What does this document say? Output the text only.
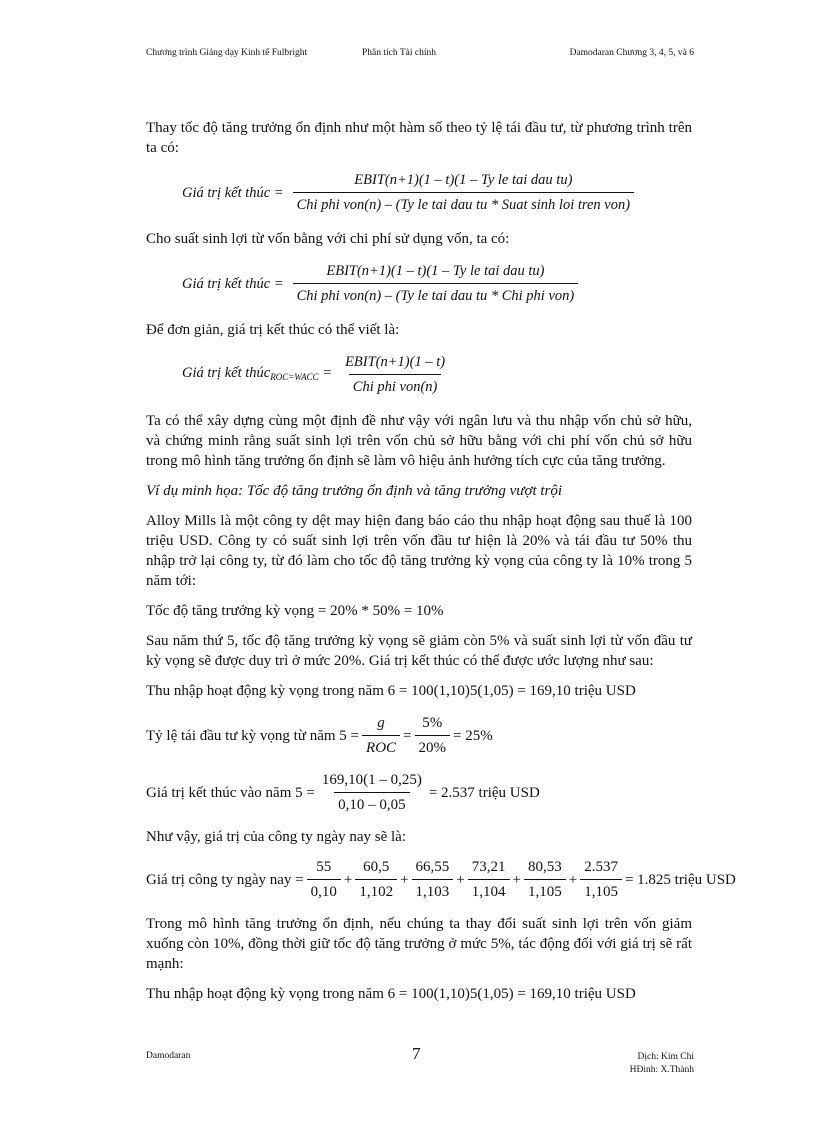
Chương trình Giảng dạy Kinh tế Fulbright	Phân tích Tài chính	Damodaran Chương 3, 4, 5, và 6

Thay tốc độ tăng trưởng ổn định như một hàm số theo tỷ lệ tái đầu tư, từ phương trình trên ta có:

Giá trị kết thúc = $\frac{\text{EBIT(n+1)(1 – t)(1 – Ty le tai dau tu)}}{\text{Chi phi von(n) – (Ty le tai dau tu * Suat sinh loi tren von)}}$

Cho suất sinh lợi từ vốn bằng với chi phí sử dụng vốn, ta có:

Giá trị kết thúc = $\frac{\text{EBIT(n+1)(1 – t)(1 – Ty le tai dau tu)}}{\text{Chi phi von(n) – (Ty le tai dau tu * Chi phi von)}}$

Để đơn giản, giá trị kết thúc có thể viết là:

Giá trị kết thúc$_{ROC=WACC}$ = $\frac{\text{EBIT(n+1)(1 – t)}}{\text{Chi phi von(n)}}$

Ta có thể xây dựng cùng một định đề như vậy với ngân lưu và thu nhập vốn chủ sở hữu, và chứng minh rằng suất sinh lợi trên vốn chủ sở hữu bằng với chi phí vốn chủ sở hữu trong mô hình tăng trưởng ổn định sẽ làm vô hiệu ảnh hưởng tích cực của tăng trưởng.

Ví dụ minh họa: Tốc độ tăng trưởng ổn định và tăng trưởng vượt trội

Alloy Mills là một công ty dệt may hiện đang báo cáo thu nhập hoạt động sau thuế là 100 triệu USD. Công ty có suất sinh lợi trên vốn đầu tư hiện là 20% và tái đầu tư 50% thu nhập trở lại công ty, từ đó làm cho tốc độ tăng trưởng kỳ vọng của công ty là 10% trong 5 năm tới:

Tốc độ tăng trưởng kỳ vọng = 20% * 50% = 10%

Sau năm thứ 5, tốc độ tăng trưởng kỳ vọng sẽ giảm còn 5% và suất sinh lợi từ vốn đầu tư kỳ vọng sẽ được duy trì ở mức 20%. Giá trị kết thúc có thể được ước lượng như sau:

Thu nhập hoạt động kỳ vọng trong năm 6 = 100(1,10)5(1,05) = 169,10 triệu USD
Tỷ lệ tái đầu tư kỳ vọng từ năm $5 = \frac{g}{\text{ROC}} = \frac{5\%}{20\%} = 25\%$
Giá trị kết thúc vào năm $5 = \frac{169,10(1 - 0,25)}{0,10 - 0,05} = 2.537$ triệu USD

Như vậy, giá trị của công ty ngày nay sẽ là:

Giá trị công ty ngày nay = $\frac{55}{0,10} + \frac{60,5}{1,102} + \frac{66,55}{1,103} + \frac{73,21}{1,104} + \frac{80,53}{1,105} + \frac{2.537}{1,105} = 1.825$ triệu USD

Trong mô hình tăng trưởng ổn định, nếu chúng ta thay đổi suất sinh lợi trên vốn giảm xuống còn 10%, đồng thời giữ tốc độ tăng trưởng ở mức 5%, tác động đối với giá trị sẽ rất mạnh:

Thu nhập hoạt động kỳ vọng trong năm 6 = 100(1,10)5(1,05) = 169,10 triệu USD
Damodaran	7	Dịch: Kim Chi
HĐinh: X.Thành
